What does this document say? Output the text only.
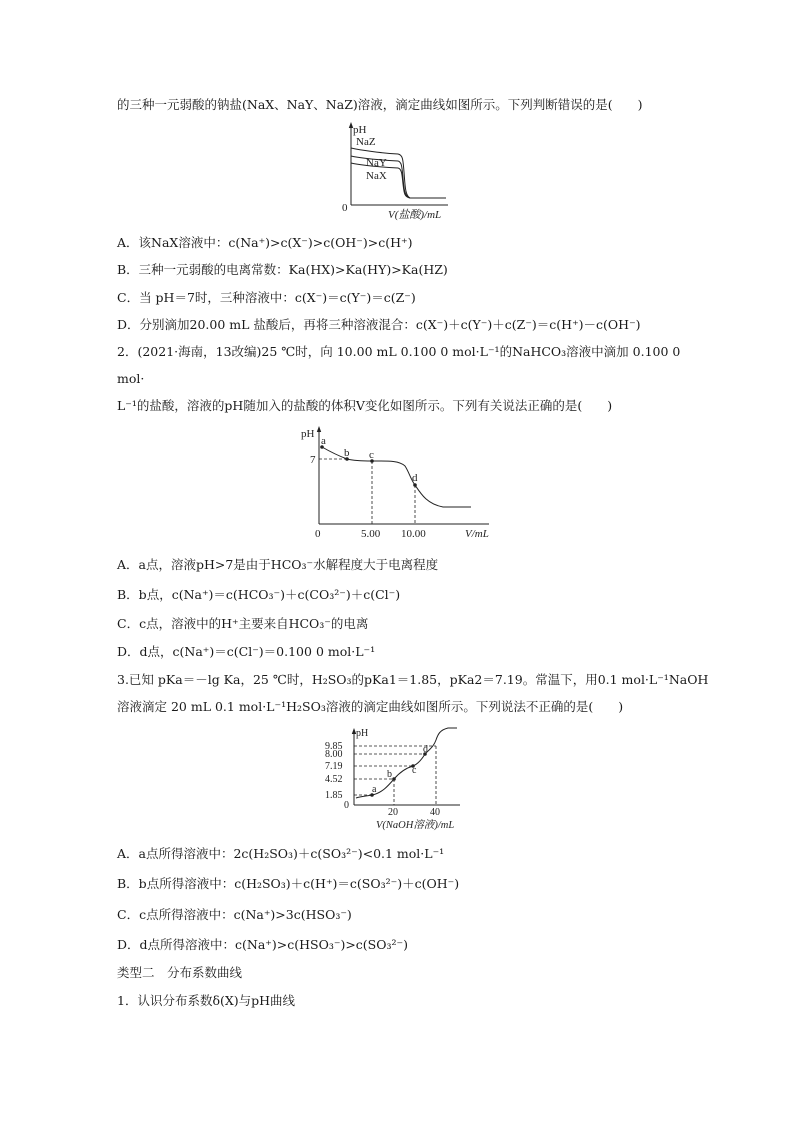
的三种一元弱酸的钠盐(NaX、NaY、NaZ)溶液，滴定曲线如图所示。下列判断错误的是(　　)
pH
0
V(盐酸)/mL
NaZ
NaY
NaX
A．该NaX溶液中：c(Na⁺)>c(X⁻)>c(OH⁻)>c(H⁺)
B．三种一元弱酸的电离常数：Ka(HX)>Ka(HY)>Ka(HZ)
C．当 pH＝7时，三种溶液中：c(X⁻)＝c(Y⁻)＝c(Z⁻)
D．分别滴加20.00 mL 盐酸后，再将三种溶液混合：c(X⁻)＋c(Y⁻)＋c(Z⁻)＝c(H⁺)－c(OH⁻)
2．(2021·海南，13改编)25 ℃时，向 10.00 mL 0.100 0 mol·L⁻¹的NaHCO₃溶液中滴加 0.100 0
mol·
L⁻¹的盐酸，溶液的pH随加入的盐酸的体积V变化如图所示。下列有关说法正确的是(　　)
pH
7
0	5.00 10.00	V/mL
a
b c
d
A．a点，溶液pH>7是由于HCO₃⁻水解程度大于电离程度
B．b点，c(Na⁺)＝c(HCO₃⁻)＋c(CO₃²⁻)＋c(Cl⁻)
C．c点，溶液中的H⁺主要来自HCO₃⁻的电离
D．d点，c(Na⁺)＝c(Cl⁻)＝0.100 0 mol·L⁻¹
3.已知 pKa＝－lg Ka，25 ℃时，H₂SO₃的pKa1＝1.85，pKa2＝7.19。常温下，用0.1 mol·L⁻¹NaOH
溶液滴定 20 mL 0.1 mol·L⁻¹H₂SO₃溶液的滴定曲线如图所示。下列说法不正确的是(　　)
pH
9.85
8.00
7.19
4.52
1.85
0
20	40
V(NaOH溶液)/mL
a
b c
d
A．a点所得溶液中：2c(H₂SO₃)＋c(SO₃²⁻)<0.1 mol·L⁻¹
B．b点所得溶液中：c(H₂SO₃)＋c(H⁺)＝c(SO₃²⁻)＋c(OH⁻)
C．c点所得溶液中：c(Na⁺)>3c(HSO₃⁻)
D．d点所得溶液中：c(Na⁺)>c(HSO₃⁻)>c(SO₃²⁻)
类型二　分布系数曲线
1．认识分布系数δ(X)与pH曲线
